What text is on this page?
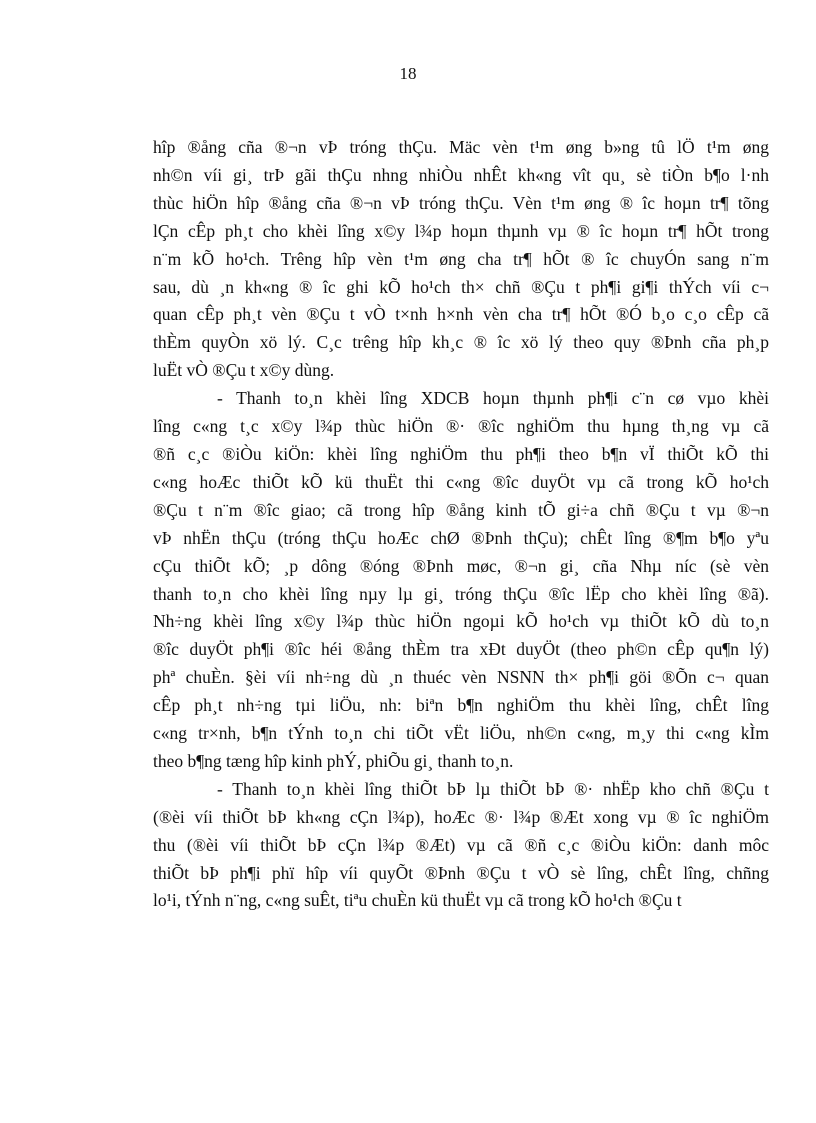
18
hîp ®ång cña ®¬n vÞ tróng thÇu. Mäc vèn t¹m øng b»ng tû lÖ t¹m øng
nh©n víi gi¸ trÞ gãi thÇu nhng nhiÒu nhÊt kh«ng vît qu¸ sè tiÒn b¶o l·nh
thùc hiÖn hîp ®ång cña ®¬n vÞ tróng thÇu. Vèn t¹m øng ® îc hoµn tr¶ tõng
lÇn cÊp ph¸t cho khèi lîng x©y l¾p hoµn thµnh vµ ® îc hoµn tr¶ hÕt trong
n¨m kÕ ho¹ch. Trêng hîp vèn t¹m øng cha tr¶ hÕt ® îc chuyÓn sang n¨m
sau, dù ¸n kh«ng ® îc ghi kÕ ho¹ch th× chñ ®Çu t ph¶i gi¶i thÝch víi c¬
quan cÊp ph¸t vèn ®Çu t vÒ t×nh h×nh vèn cha tr¶ hÕt ®Ó b¸o c¸o cÊp cã
thÈm quyÒn xö lý. C¸c trêng hîp kh¸c ® îc xö lý theo quy ®Þnh cña ph¸p
luËt vÒ ®Çu t x©y dùng.
- Thanh to¸n khèi lîng XDCB hoµn thµnh ph¶i c¨n cø vµo khèi
lîng c«ng t¸c x©y l¾p thùc hiÖn ®· ®îc nghiÖm thu hµng th¸ng vµ cã
®ñ c¸c ®iÒu kiÖn: khèi lîng nghiÖm thu ph¶i theo b¶n vÏ thiÕt kÕ thi
c«ng hoÆc thiÕt kÕ kü thuËt thi c«ng ®îc duyÖt vµ cã trong kÕ ho¹ch
®Çu t n¨m ®îc giao; cã trong hîp ®ång kinh tÕ gi÷a chñ ®Çu t vµ ®¬n
vÞ nhËn thÇu (tróng thÇu hoÆc chØ ®Þnh thÇu); chÊt lîng ®¶m b¶o yªu
cÇu thiÕt kÕ; ¸p dông ®óng ®Þnh møc, ®¬n gi¸ cña Nhµ níc (sè vèn
thanh to¸n cho khèi lîng nµy lµ gi¸ tróng thÇu ®îc lËp cho khèi lîng ®ã).
Nh÷ng khèi lîng x©y l¾p thùc hiÖn ngoµi kÕ ho¹ch vµ thiÕt kÕ dù to¸n
®îc duyÖt ph¶i ®îc héi ®ång thÈm tra xÐt duyÖt (theo ph©n cÊp qu¶n lý)
phª chuÈn. §èi víi nh÷ng dù ¸n thuéc vèn NSNN th× ph¶i göi ®Õn c¬ quan
cÊp ph¸t nh÷ng tµi liÖu, nh: biªn b¶n nghiÖm thu khèi lîng, chÊt lîng
c«ng tr×nh, b¶n tÝnh to¸n chi tiÕt vËt liÖu, nh©n c«ng, m¸y thi c«ng kÌm
theo b¶ng tæng hîp kinh phÝ, phiÕu gi¸ thanh to¸n.
- Thanh to¸n khèi lîng thiÕt bÞ lµ thiÕt bÞ ®· nhËp kho chñ ®Çu t
(®èi víi thiÕt bÞ kh«ng cÇn l¾p), hoÆc ®· l¾p ®Æt xong vµ ® îc nghiÖm
thu (®èi víi thiÕt bÞ cÇn l¾p ®Æt) vµ cã ®ñ c¸c ®iÒu kiÖn: danh môc
thiÕt bÞ ph¶i phï hîp víi quyÕt ®Þnh ®Çu t vÒ sè lîng, chÊt lîng, chñng
lo¹i, tÝnh n¨ng, c«ng suÊt, tiªu chuÈn kü thuËt vµ cã trong kÕ ho¹ch ®Çu t
